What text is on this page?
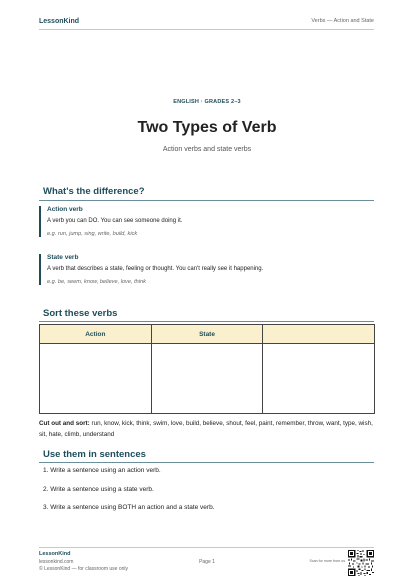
LessonKind	Verbs — Action and State
ENGLISH · GRADES 2–3
Two Types of Verb
Action verbs and state verbs
What's the difference?
Action verb
A verb you can DO. You can see someone doing it.
e.g. run, jump, sing, write, build, kick
State verb
A verb that describes a state, feeling or thought. You can't really see it happening.
e.g. be, seem, know, believe, love, think
Sort these verbs
Action	State	

Cut out and sort: run, know, kick, think, swim, love, build, believe, shout, feel, paint, remember, throw, want, type, wish, sit, hate, climb, understand
Use them in sentences
1. Write a sentence using an action verb.
2. Write a sentence using a state verb.
3. Write a sentence using BOTH an action and a state verb.
LessonKind
lessonkind.com
© LessonKind — for classroom use only
Page 1	Scan for more from us
